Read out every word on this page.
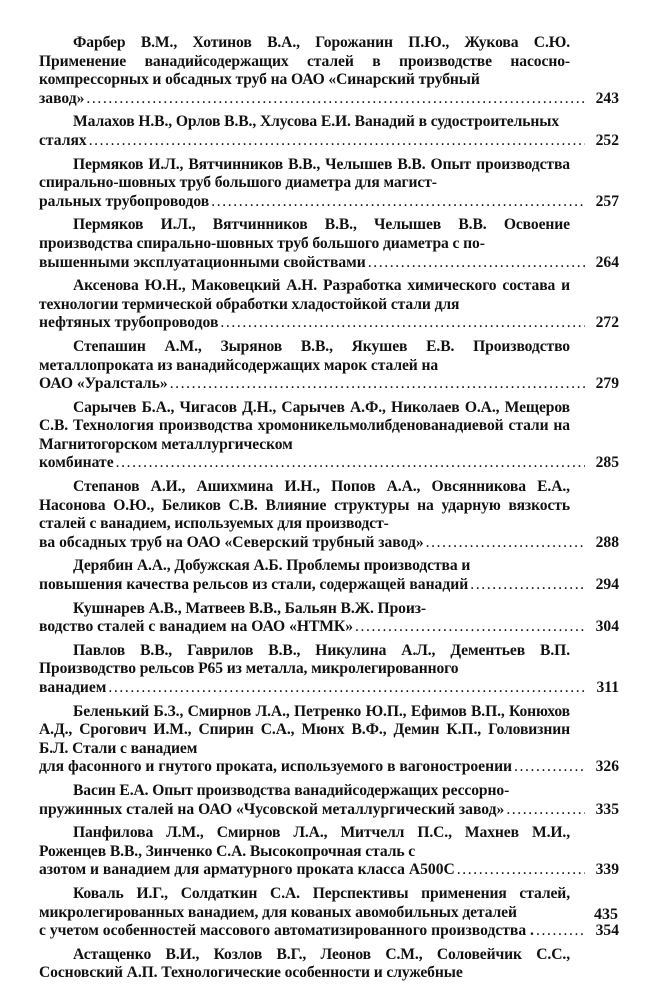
Фарбер В.М., Хотинов В.А., Горожанин П.Ю., Жукова С.Ю. Применение ванадийсодержащих сталей в производстве насосно-компрессорных и обсадных труб на ОАО «Синарский трубный

завод» .....	243

Малахов Н.В., Орлов В.В., Хлусова Е.И. Ванадий в судостроительных

сталях .....	252

Пермяков И.Л., Вятчинников В.В., Челышев В.В. Опыт производства спирально-шовных труб большого диаметра для магист-

ральных трубопроводов .....	257

Пермяков И.Л., Вятчинников В.В., Челышев В.В. Освоение производства спирально-шовных труб большого диаметра с по-

вышенными эксплуатационными свойствами .....	264

Аксенова Ю.Н., Маковецкий А.Н. Разработка химического состава и технологии термической обработки хладостойкой стали для

нефтяных трубопроводов .....	272

Степашин А.М., Зырянов В.В., Якушев Е.В. Производство металлопроката из ванадийсодержащих марок сталей на

ОАО «Уралсталь» .....	279

Сарычев Б.А., Чигасов Д.Н., Сарычев А.Ф., Николаев О.А., Мещеров С.В. Технология производства хромоникельмолибденованадиевой стали на Магнитогорском металлургическом

комбинате .....	285

Степанов А.И., Ашихмина И.Н., Попов А.А., Овсянникова Е.А., Насонова О.Ю., Беликов С.В. Влияние структуры на ударную вязкость сталей с ванадием, используемых для производст-

ва обсадных труб на ОАО «Северский трубный завод» .....	288

Дерябин А.А., Добужская А.Б. Проблемы производства и

повышения качества рельсов из стали, содержащей ванадий .....	294

Кушнарев А.В., Матвеев В.В., Бальян В.Ж. Произ-

водство сталей с ванадием на ОАО «НТМК» .....	304

Павлов В.В., Гаврилов В.В., Никулина А.Л., Дементьев В.П. Производство рельсов Р65 из металла, микролегированного

ванадием .....	311

Беленький Б.З., Смирнов Л.А., Петренко Ю.П., Ефимов В.П., Конюхов А.Д., Срогович И.М., Спирин С.А., Мюнх В.Ф., Демин К.П., Головизнин Б.Л. Стали с ванадием

для фасонного и гнутого проката, используемого в вагоностроении .....	326

Васин Е.А. Опыт производства ванадийсодержащих рессорно-

пружинных сталей на ОАО «Чусовской металлургический завод» .....	335

Панфилова Л.М., Смирнов Л.А., Митчелл П.С., Махнев М.И., Роженцев В.В., Зинченко С.А. Высокопрочная сталь с

азотом и ванадием для арматурного проката класса А500С .....	339

Коваль И.Г., Солдаткин С.А. Перспективы применения сталей, микролегированных ванадием, для кованых авомобильных деталей

с учетом особенностей массового автоматизированного производства . .....	354

Астащенко В.И., Козлов В.Г., Леонов С.М., Соловейчик С.С., Сосновский А.П. Технологические особенности и служебные

435
